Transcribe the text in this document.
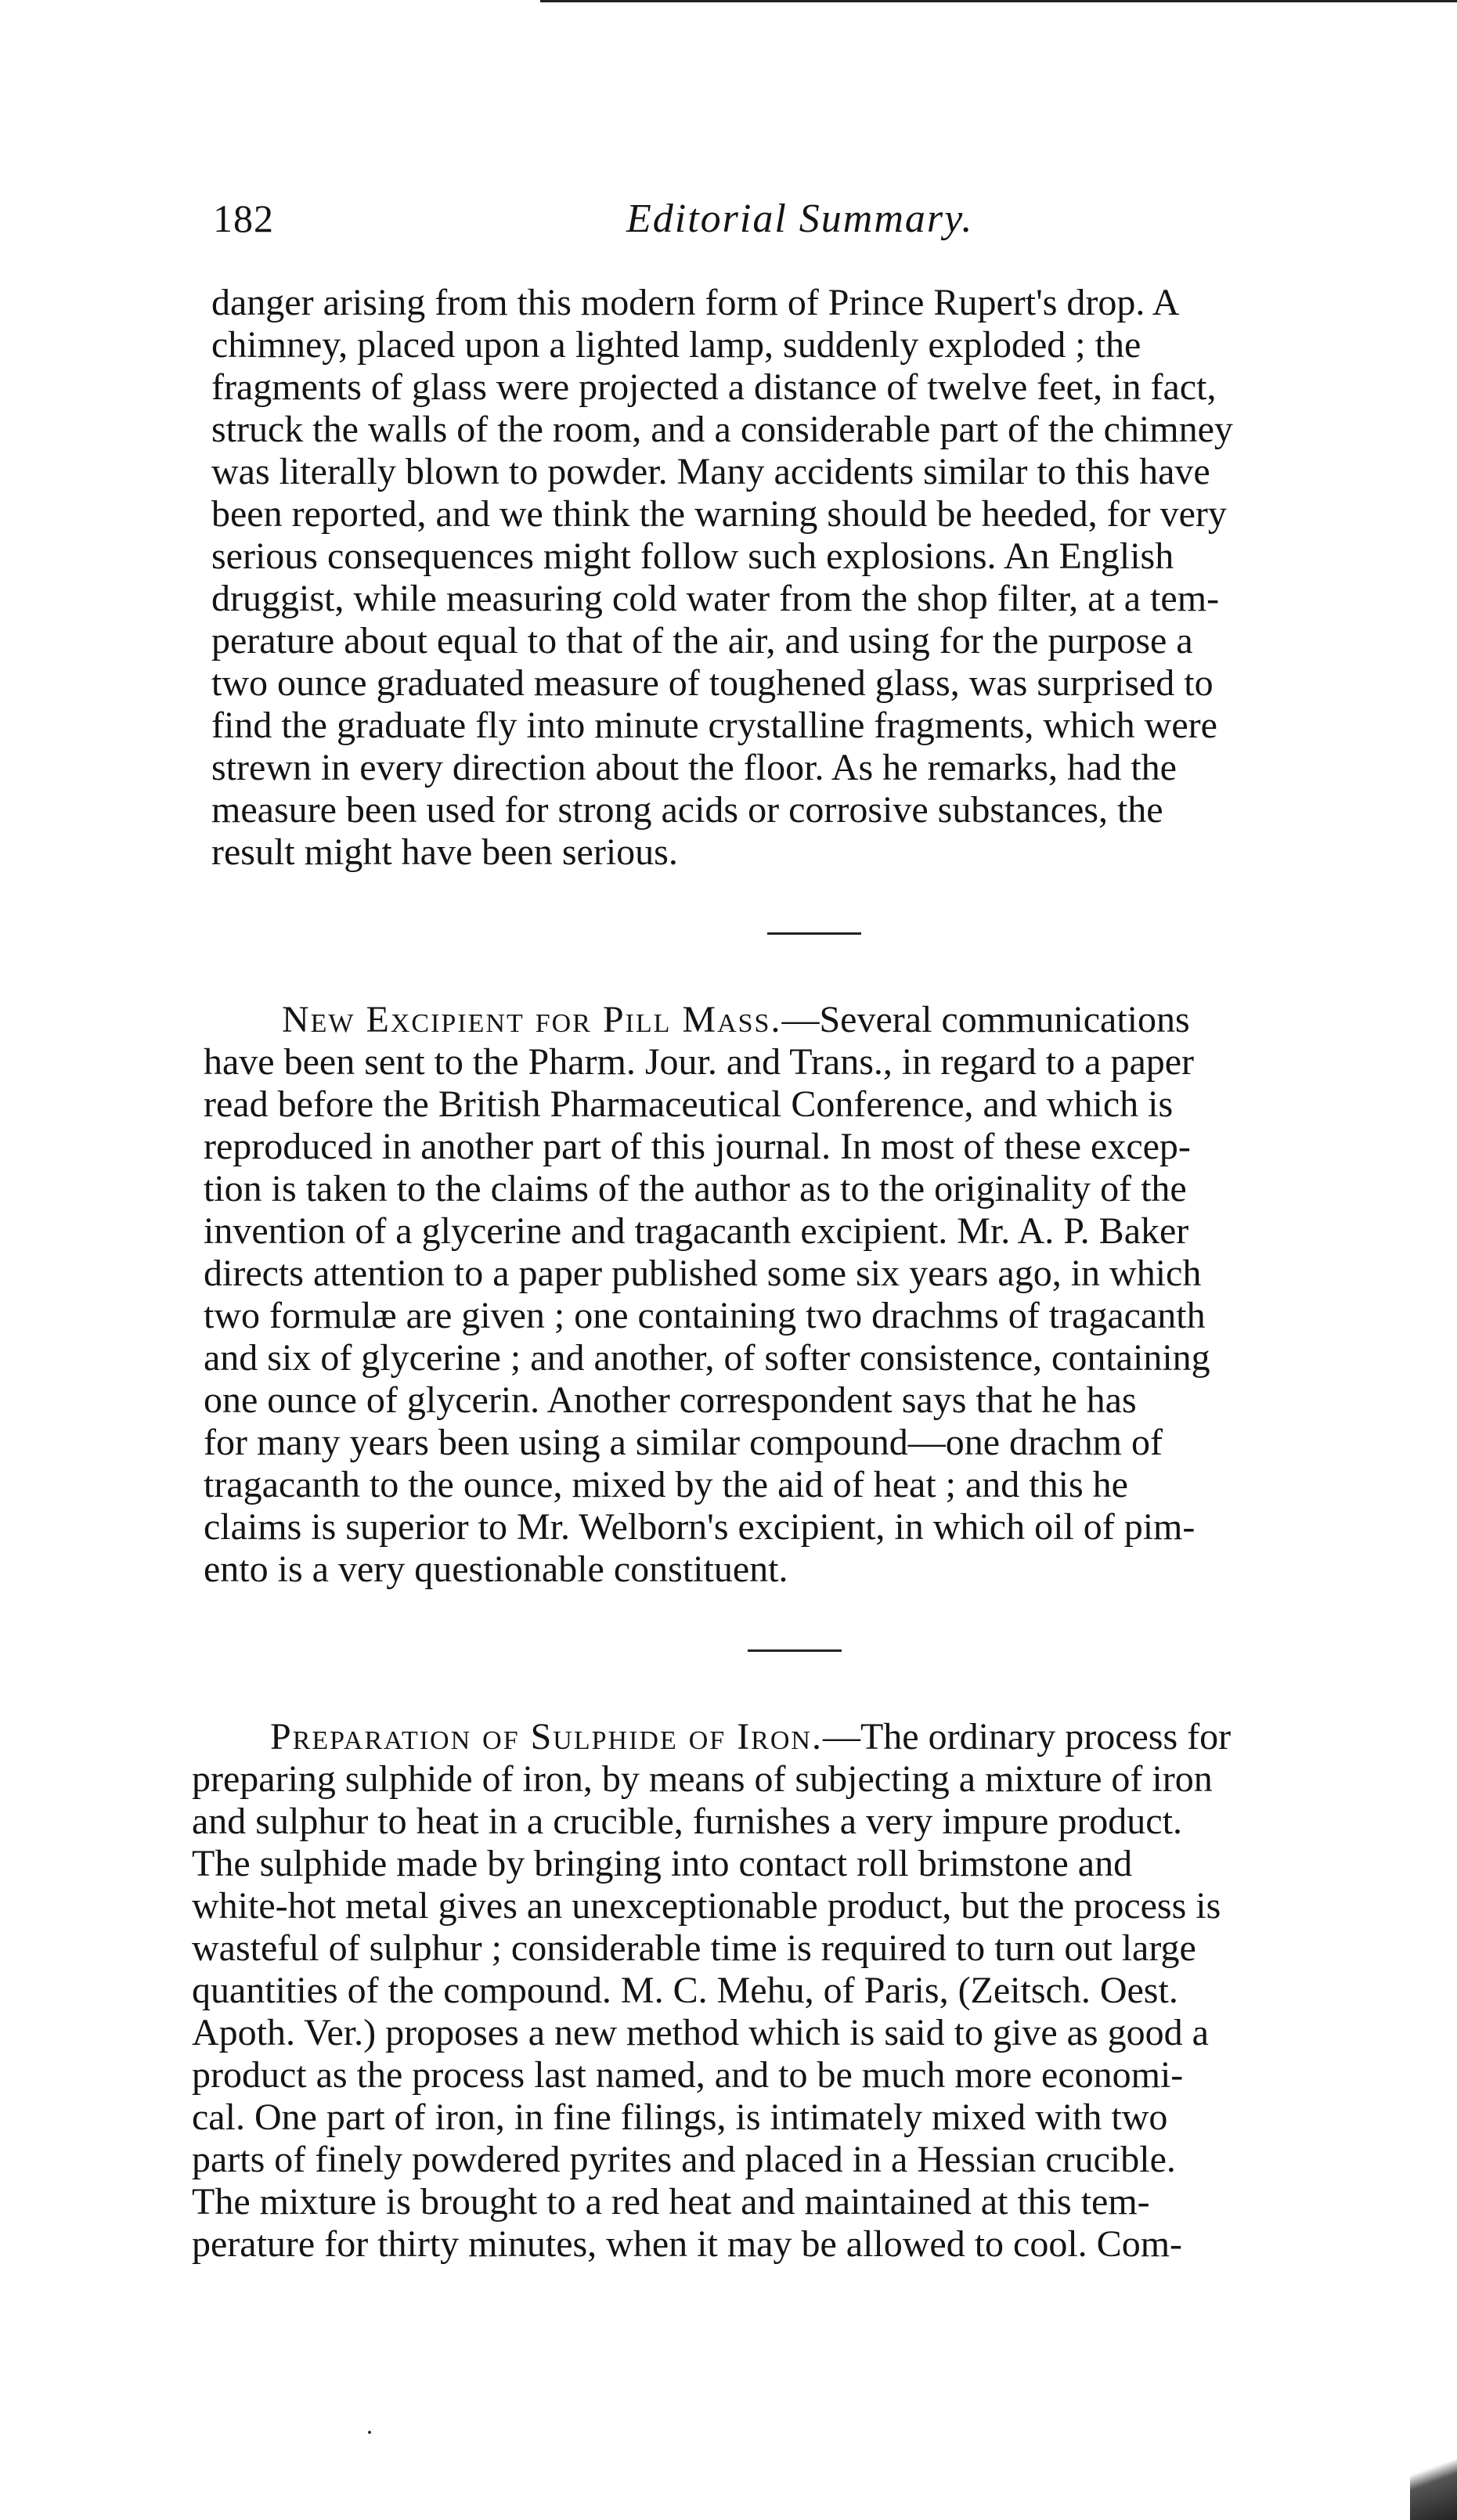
182	Editorial Summary.

danger arising from this modern form of Prince Rupert's drop. A
chimney, placed upon a lighted lamp, suddenly exploded ; the
fragments of glass were projected a distance of twelve feet, in fact,
struck the walls of the room, and a considerable part of the chimney
was literally blown to powder. Many accidents similar to this have
been reported, and we think the warning should be heeded, for very
serious consequences might follow such explosions. An English
druggist, while measuring cold water from the shop filter, at a tem-
perature about equal to that of the air, and using for the purpose a
two ounce graduated measure of toughened glass, was surprised to
find the graduate fly into minute crystalline fragments, which were
strewn in every direction about the floor. As he remarks, had the
measure been used for strong acids or corrosive substances, the
result might have been serious.

New Excipient for Pill Mass.—Several communications
have been sent to the Pharm. Jour. and Trans., in regard to a paper
read before the British Pharmaceutical Conference, and which is
reproduced in another part of this journal. In most of these excep-
tion is taken to the claims of the author as to the originality of the
invention of a glycerine and tragacanth excipient. Mr. A. P. Baker
directs attention to a paper published some six years ago, in which
two formulæ are given ; one containing two drachms of tragacanth
and six of glycerine ; and another, of softer consistence, containing
one ounce of glycerin. Another correspondent says that he has
for many years been using a similar compound—one drachm of
tragacanth to the ounce, mixed by the aid of heat ; and this he
claims is superior to Mr. Welborn's excipient, in which oil of pim-
ento is a very questionable constituent.

Preparation of Sulphide of Iron.—The ordinary process for
preparing sulphide of iron, by means of subjecting a mixture of iron
and sulphur to heat in a crucible, furnishes a very impure product.
The sulphide made by bringing into contact roll brimstone and
white-hot metal gives an unexceptionable product, but the process is
wasteful of sulphur ; considerable time is required to turn out large
quantities of the compound. M. C. Mehu, of Paris, (Zeitsch. Oest.
Apoth. Ver.) proposes a new method which is said to give as good a
product as the process last named, and to be much more economi-
cal. One part of iron, in fine filings, is intimately mixed with two
parts of finely powdered pyrites and placed in a Hessian crucible.
The mixture is brought to a red heat and maintained at this tem-
perature for thirty minutes, when it may be allowed to cool. Com-
